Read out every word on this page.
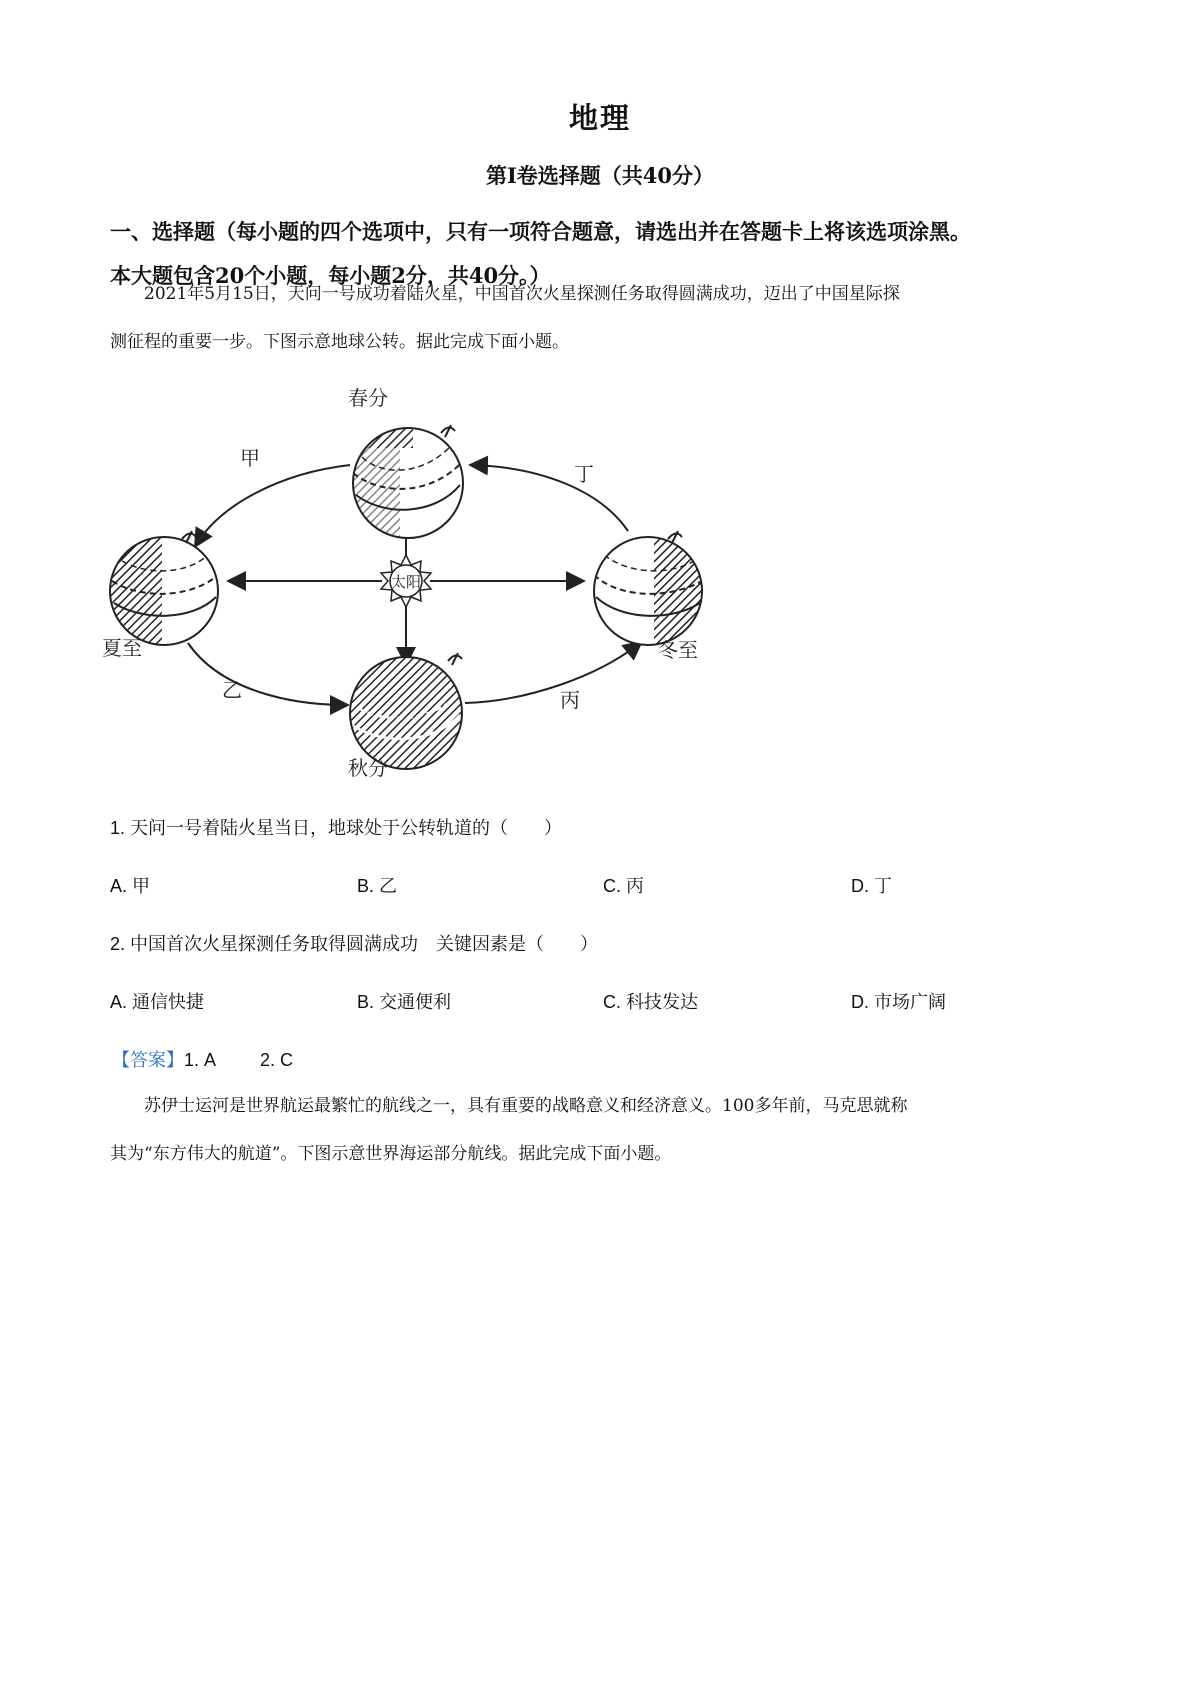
地理
第Ⅰ卷选择题（共40分）
一、选择题（每小题的四个选项中，只有一项符合题意，请选出并在答题卡上将该选项涂黑。
本大题包含20个小题，每小题2分，共40分。）
2021年5月15日，天问一号成功着陆火星，中国首次火星探测任务取得圆满成功，迈出了中国星际探
测征程的重要一步。下图示意地球公转。据此完成下面小题。
太阳
春分
夏至
秋分
冬至
甲
乙	丙
丁
1. 天问一号着陆火星当日，地球处于公转轨道的（　　）
A. 甲	B. 乙	C. 丙	D. 丁
2. 中国首次火星探测任务取得圆满成功　关键因素是（　　）
A. 通信快捷	B. 交通便利	C. 科技发达	D. 市场广阔
【答案】1. A 2. C
苏伊士运河是世界航运最繁忙的航线之一，具有重要的战略意义和经济意义。100多年前，马克思就称
其为“东方伟大的航道”。下图示意世界海运部分航线。据此完成下面小题。
